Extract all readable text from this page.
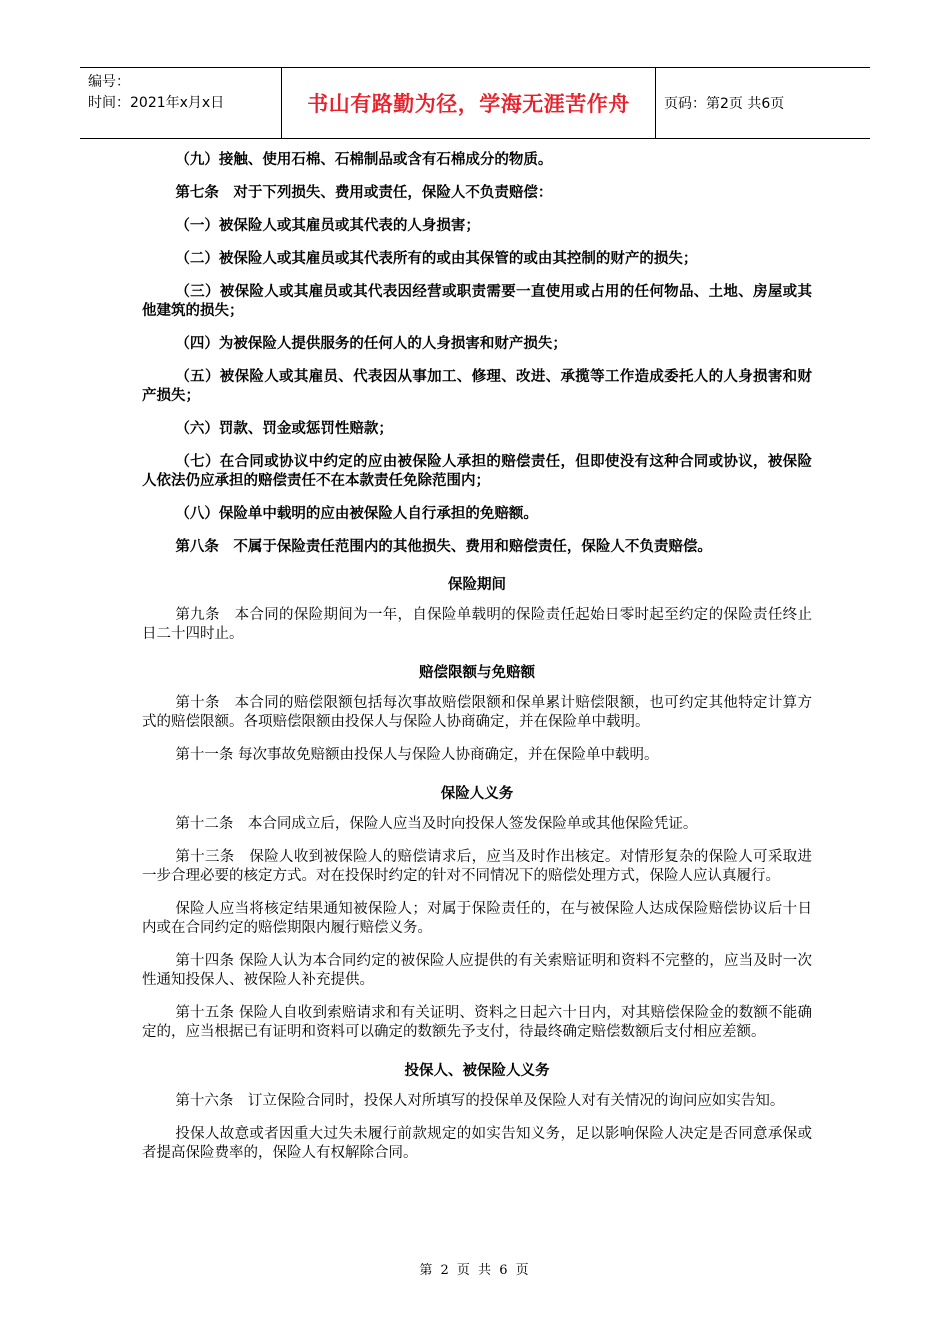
编号：
时间：2021年x月x日	书山有路勤为径，学海无涯苦作舟	页码：第2页 共6页

（九）接触、使用石棉、石棉制品或含有石棉成分的物质。

第七条　对于下列损失、费用或责任，保险人不负责赔偿：

（一）被保险人或其雇员或其代表的人身损害；

（二）被保险人或其雇员或其代表所有的或由其保管的或由其控制的财产的损失；

（三）被保险人或其雇员或其代表因经营或职责需要一直使用或占用的任何物品、土地、房屋或其他建筑的损失；

（四）为被保险人提供服务的任何人的人身损害和财产损失；

（五）被保险人或其雇员、代表因从事加工、修理、改进、承揽等工作造成委托人的人身损害和财产损失；

（六）罚款、罚金或惩罚性赔款；

（七）在合同或协议中约定的应由被保险人承担的赔偿责任，但即使没有这种合同或协议，被保险人依法仍应承担的赔偿责任不在本款责任免除范围内；

（八）保险单中载明的应由被保险人自行承担的免赔额。

第八条　不属于保险责任范围内的其他损失、费用和赔偿责任，保险人不负责赔偿。

保险期间

第九条　本合同的保险期间为一年，自保险单载明的保险责任起始日零时起至约定的保险责任终止日二十四时止。

赔偿限额与免赔额

第十条　本合同的赔偿限额包括每次事故赔偿限额和保单累计赔偿限额，也可约定其他特定计算方式的赔偿限额。各项赔偿限额由投保人与保险人协商确定，并在保险单中载明。

第十一条 每次事故免赔额由投保人与保险人协商确定，并在保险单中载明。

保险人义务

第十二条　本合同成立后，保险人应当及时向投保人签发保险单或其他保险凭证。

第十三条　保险人收到被保险人的赔偿请求后，应当及时作出核定。对情形复杂的保险人可采取进一步合理必要的核定方式。对在投保时约定的针对不同情况下的赔偿处理方式，保险人应认真履行。

保险人应当将核定结果通知被保险人；对属于保险责任的，在与被保险人达成保险赔偿协议后十日内或在合同约定的赔偿期限内履行赔偿义务。

第十四条 保险人认为本合同约定的被保险人应提供的有关索赔证明和资料不完整的，应当及时一次性通知投保人、被保险人补充提供。

第十五条 保险人自收到索赔请求和有关证明、资料之日起六十日内，对其赔偿保险金的数额不能确定的，应当根据已有证明和资料可以确定的数额先予支付，待最终确定赔偿数额后支付相应差额。

投保人、被保险人义务

第十六条　订立保险合同时，投保人对所填写的投保单及保险人对有关情况的询问应如实告知。

投保人故意或者因重大过失未履行前款规定的如实告知义务，足以影响保险人决定是否同意承保或者提高保险费率的，保险人有权解除合同。

第 2 页 共 6 页
